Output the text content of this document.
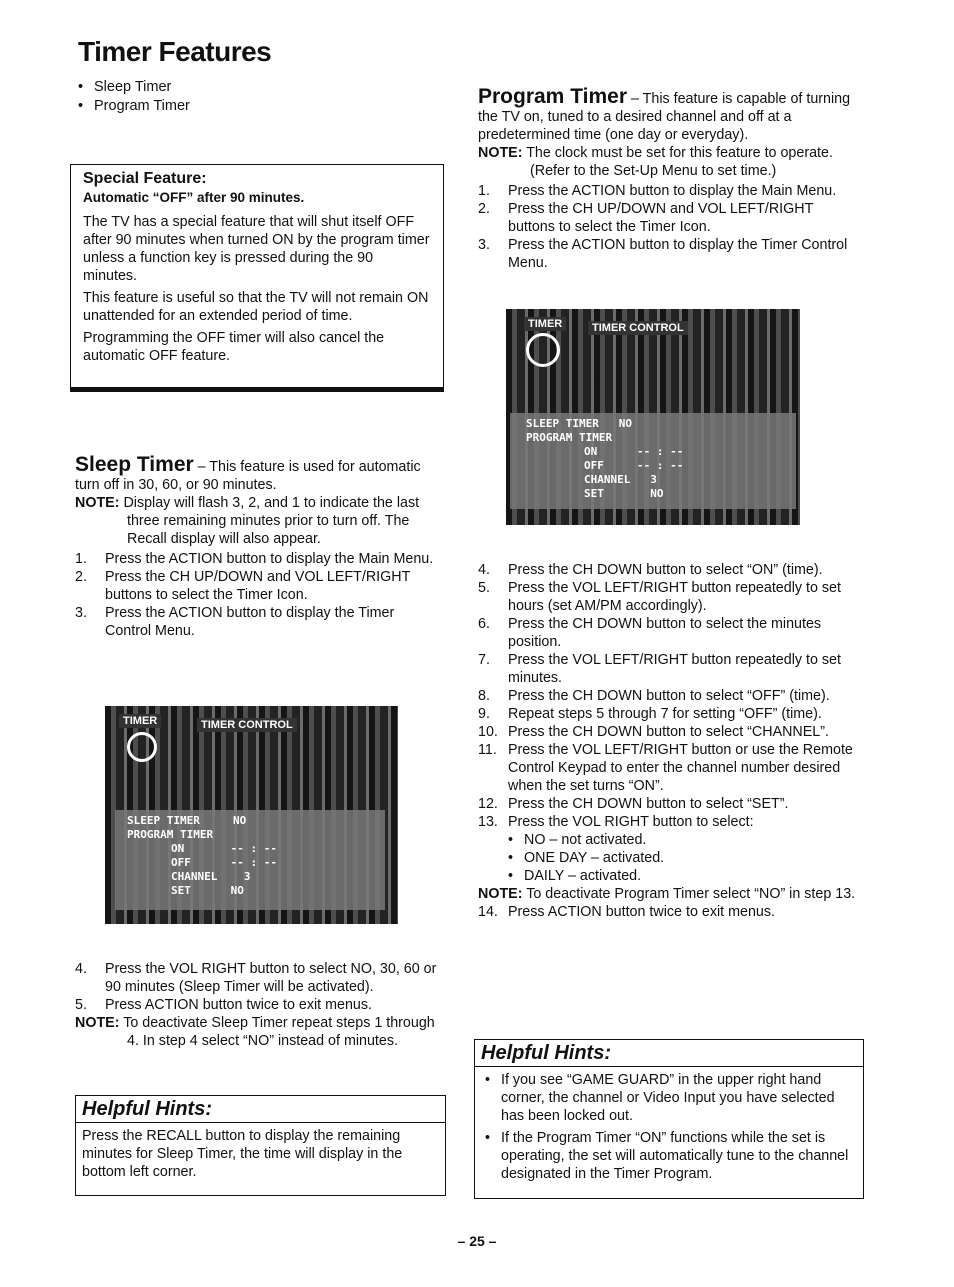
Timer Features
• Sleep Timer
• Program Timer
Special Feature:
Automatic “OFF” after 90 minutes.

The TV has a special feature that will shut itself OFF after 90 minutes when turned ON by the program timer unless a function key is pressed during the 90 minutes.

This feature is useful so that the TV will not remain ON unattended for an extended period of time.

Programming the OFF timer will also cancel the automatic OFF feature.

Sleep Timer – This feature is used for automatic turn off in 30, 60, or 90 minutes.

NOTE: Display will flash 3, 2, and 1 to indicate the last three remaining minutes prior to turn off. The Recall display will also appear.

1. Press the ACTION button to display the Main Menu.
2. Press the CH UP/DOWN and VOL LEFT/RIGHT buttons to select the Timer Icon.
3. Press the ACTION button to display the Timer Control Menu.
TIMER	TIMER CONTROL
SLEEP TIMER	NO
PROGRAM TIMER
ON	-- : --
OFF	-- : --
CHANNEL 3
SET	NO
4. Press the VOL RIGHT button to select NO, 30, 60 or 90 minutes (Sleep Timer will be activated).
5. Press ACTION button twice to exit menus.

NOTE: To deactivate Sleep Timer repeat steps 1 through 4. In step 4 select “NO” instead of minutes.

Helpful Hints:

Press the RECALL button to display the remaining minutes for Sleep Timer, the time will display in the bottom left corner.

Program Timer – This feature is capable of turning the TV on, tuned to a desired channel and off at a predetermined time (one day or everyday).

NOTE: The clock must be set for this feature to operate. (Refer to the Set-Up Menu to set time.)

1. Press the ACTION button to display the Main Menu.
2. Press the CH UP/DOWN and VOL LEFT/RIGHT buttons to select the Timer Icon.
3. Press the ACTION button to display the Timer Control Menu.
TIMER	TIMER CONTROL
SLEEP TIMER NO
PROGRAM TIMER
ON	-- : --
OFF	-- : --
CHANNEL 3
SET	NO
4. Press the CH DOWN button to select “ON” (time).
5. Press the VOL LEFT/RIGHT button repeatedly to set hours (set AM/PM accordingly).
6. Press the CH DOWN button to select the minutes position.
7. Press the VOL LEFT/RIGHT button repeatedly to set minutes.
8. Press the CH DOWN button to select “OFF” (time).
9. Repeat steps 5 through 7 for setting “OFF” (time).
10. Press the CH DOWN button to select “CHANNEL”.
11. Press the VOL LEFT/RIGHT button or use the Remote Control Keypad to enter the channel number desired when the set turns “ON”.
12. Press the CH DOWN button to select “SET”.
13. Press the VOL RIGHT button to select:
• NO – not activated.
• ONE DAY – activated.
• DAILY – activated.

NOTE: To deactivate Program Timer select “NO” in step 13.

14. Press ACTION button twice to exit menus.
Helpful Hints:
• If you see “GAME GUARD” in the upper right hand corner, the channel or Video Input you have selected has been locked out.
• If the Program Timer “ON” functions while the set is operating, the set will automatically tune to the channel designated in the Timer Program.
– 25 –
